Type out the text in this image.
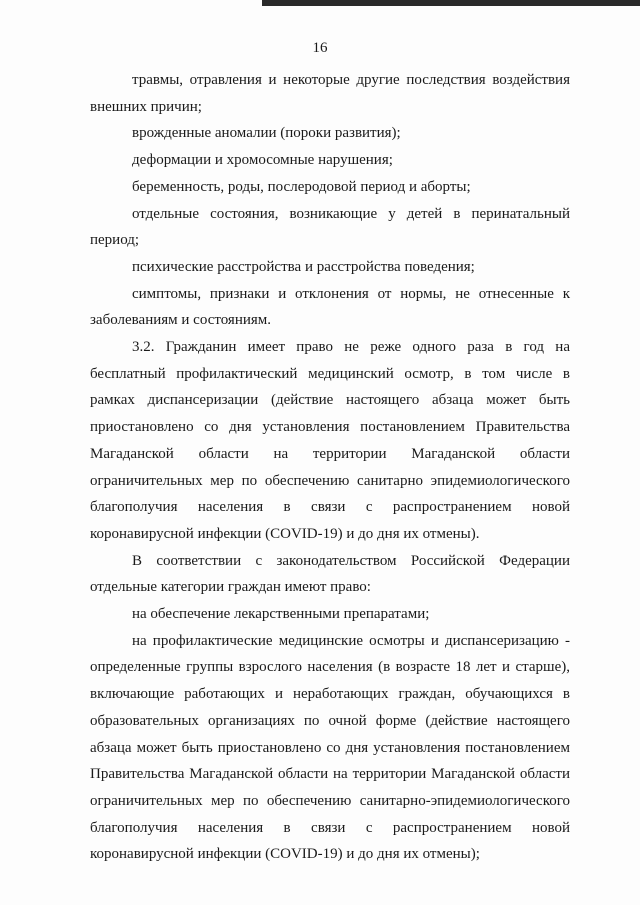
16

травмы, отравления и некоторые другие последствия воздействия внешних причин;

врожденные аномалии (пороки развития);

деформации и хромосомные нарушения;

беременность, роды, послеродовой период и аборты;

отдельные состояния, возникающие у детей в перинатальный период;

психические расстройства и расстройства поведения;

симптомы, признаки и отклонения от нормы, не отнесенные к заболеваниям и состояниям.

3.2. Гражданин имеет право не реже одного раза в год на бесплатный профилактический медицинский осмотр, в том числе в рамках диспансеризации (действие настоящего абзаца может быть приостановлено со дня установления постановлением Правительства Магаданской области на территории Магаданской области ограничительных мер по обеспечению санитарно эпидемиологического благополучия населения в связи с распространением новой коронавирусной инфекции (COVID-19) и до дня их отмены).

В соответствии с законодательством Российской Федерации отдельные категории граждан имеют право:

на обеспечение лекарственными препаратами;

на профилактические медицинские осмотры и диспансеризацию - определенные группы взрослого населения (в возрасте 18 лет и старше), включающие работающих и неработающих граждан, обучающихся в образовательных организациях по очной форме (действие настоящего абзаца может быть приостановлено со дня установления постановлением Правительства Магаданской области на территории Магаданской области ограничительных мер по обеспечению санитарно-эпидемиологического благополучия населения в связи с распространением новой коронавирусной инфекции (COVID-19) и до дня их отмены);
